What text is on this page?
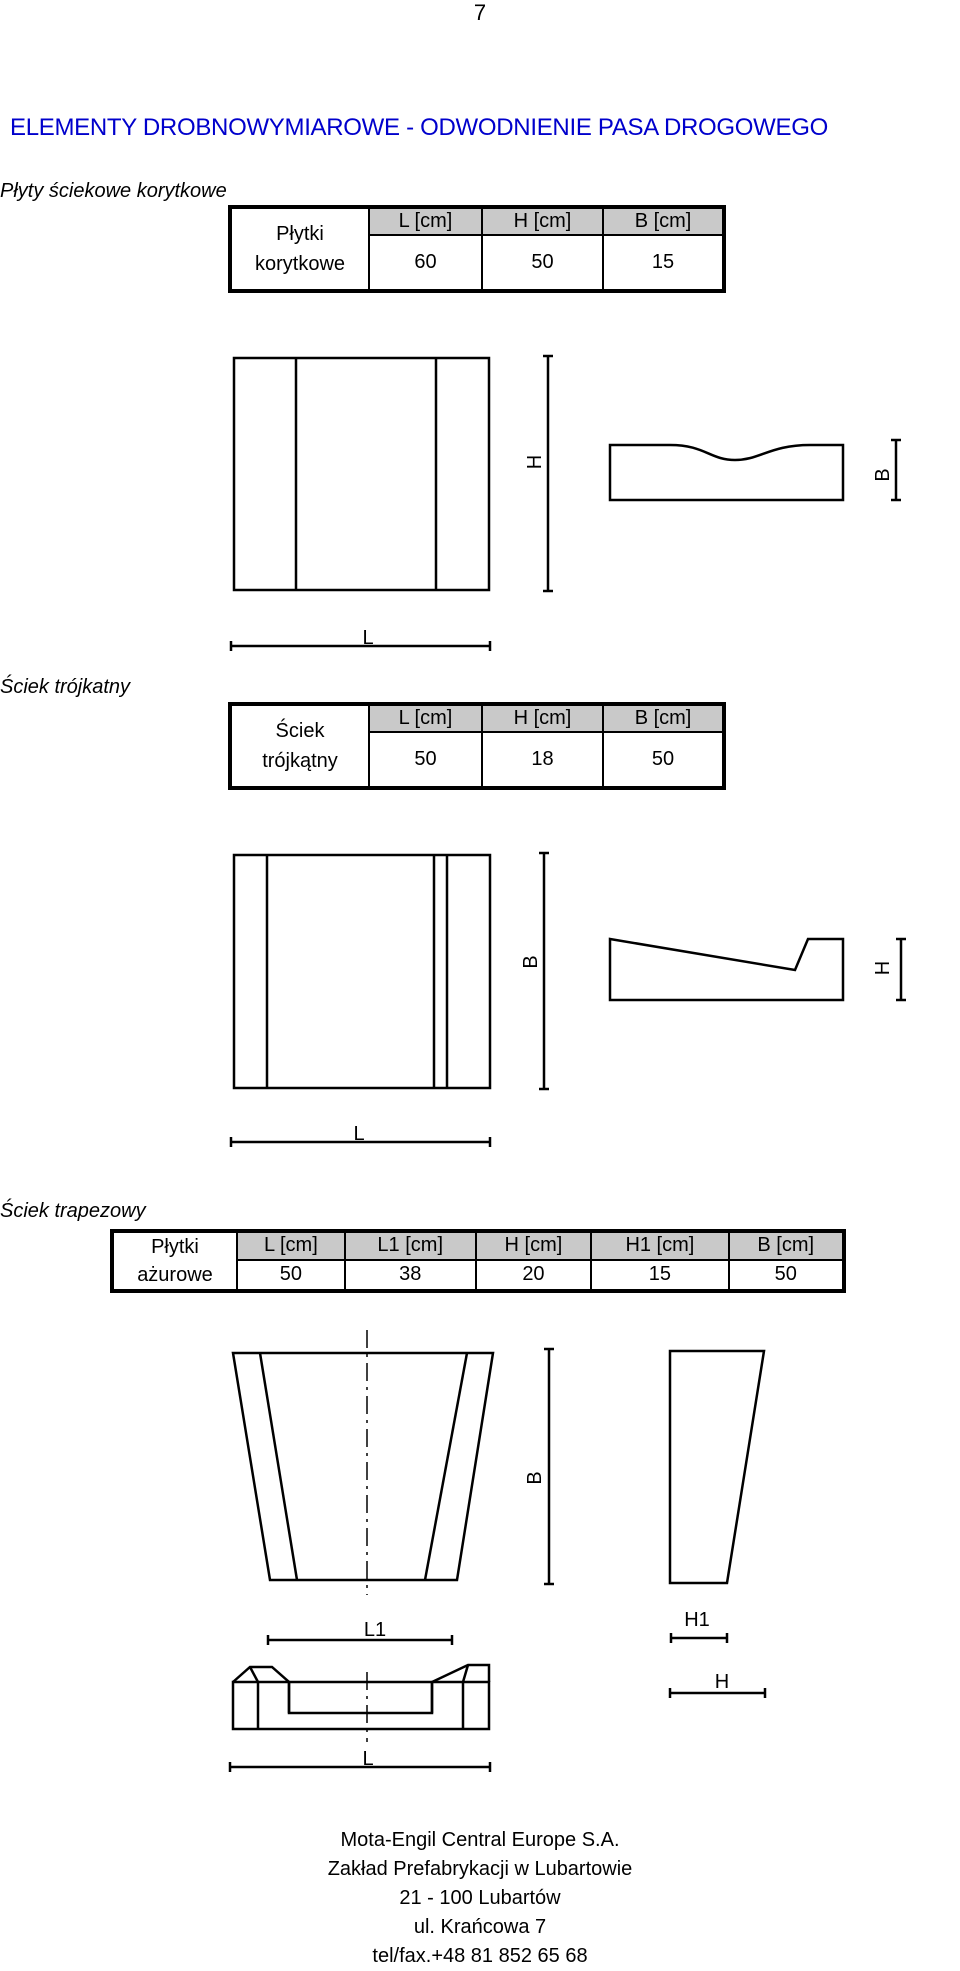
7
ELEMENTY DROBNOWYMIAROWE - ODWODNIENIE PASA DROGOWEGO
Płyty ściekowe korytkowe
Płytki
korytkowe	L [cm]	H [cm]	B [cm]
	60	50	15
H
B
L
B	H
L
B
L1	H1
H
L
Ściek trójkatny
Ściek
trójkątny	L [cm]	H [cm]	B [cm]
	50	18	50
Ściek trapezowy
Płytki
ażurowe	L [cm]	L1 [cm]	H [cm]	H1 [cm]	B [cm]
	50	38	20	15	50
Mota-Engil Central Europe S.A.
Zakład Prefabrykacji w Lubartowie
21 - 100 Lubartów
ul. Krańcowa 7
tel/fax.+48 81 852 65 68
